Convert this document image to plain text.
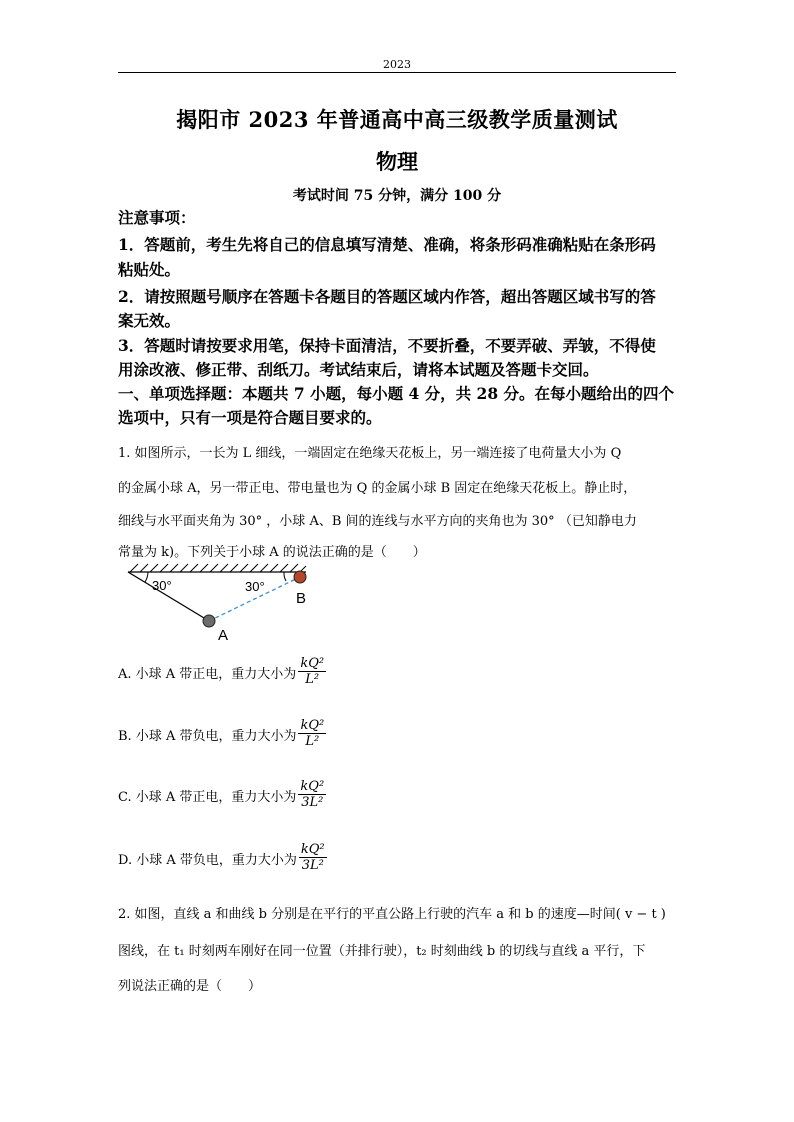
2023
揭阳市 2023 年普通高中高三级教学质量测试
物理
考试时间 75 分钟，满分 100 分
注意事项：
1．答题前，考生先将自己的信息填写清楚、准确，将条形码准确粘贴在条形码
粘贴处。
2．请按照题号顺序在答题卡各题目的答题区域内作答，超出答题区域书写的答
案无效。
3．答题时请按要求用笔，保持卡面清洁，不要折叠，不要弄破、弄皱，不得使
用涂改液、修正带、刮纸刀。考试结束后，请将本试题及答题卡交回。
一、单项选择题：本题共 7 小题，每小题 4 分，共 28 分。在每小题给出的四个
选项中，只有一项是符合题目要求的。
1. 如图所示，一长为 L 细线，一端固定在绝缘天花板上，另一端连接了电荷量大小为 Q
的金属小球 A，另一带正电、带电量也为 Q 的金属小球 B 固定在绝缘天花板上。静止时，
细线与水平面夹角为 30° ，小球 A、B 间的连线与水平方向的夹角也为 30° （已知静电力
常量为 k)。下列关于小球 A 的说法正确的是（　　）
30°	30°
A
B
A. 小球 A 带正电，重力大小为 $\frac{\text{kQ²}}{\text{L²}}$
B. 小球 A 带负电，重力大小为 $\frac{\text{kQ²}}{\text{L²}}$
C. 小球 A 带正电，重力大小为 $\frac{\text{kQ²}}{\text{3L²}}$
D. 小球 A 带负电，重力大小为 $\frac{\text{kQ²}}{\text{3L²}}$
2. 如图，直线 a 和曲线 b 分别是在平行的平直公路上行驶的汽车 a 和 b 的速度—时间( v − t )
图线，在 t₁ 时刻两车刚好在同一位置（并排行驶），t₂ 时刻曲线 b 的切线与直线 a 平行，下
列说法正确的是（　　）
